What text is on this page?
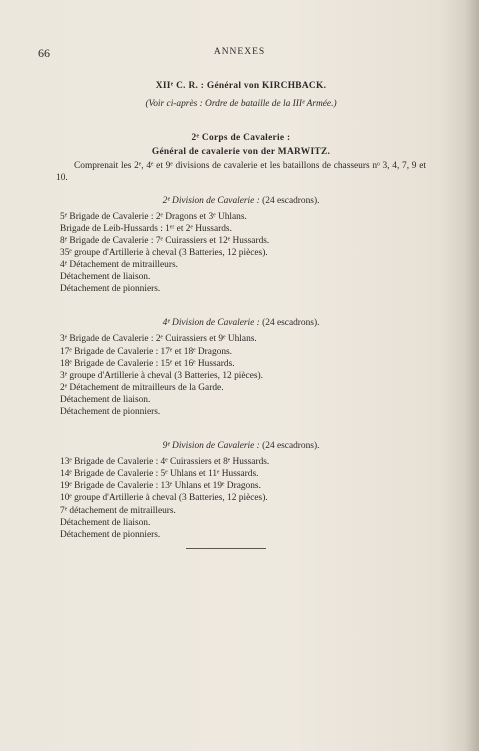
66	ANNEXES
XIIᵉ C. R. : Général von KIRCHBACK.
(Voir ci-après : Ordre de bataille de la IIIᵉ Armée.)
2ᵉ Corps de Cavalerie :
Général de cavalerie von der MARWITZ.
Comprenait les 2ᵉ, 4ᵉ et 9ᵉ divisions de cavalerie et les bataillons de chasseurs nᵒ 3, 4, 7, 9 et 10.
2ᵉ Division de Cavalerie : (24 escadrons).
5ᵉ Brigade de Cavalerie : 2ᵉ Dragons et 3ᵉ Uhlans.
Brigade de Leib-Hussards : 1ᵉʳ et 2ᵉ Hussards.
8ᵉ Brigade de Cavalerie : 7ᵉ Cuirassiers et 12ᵉ Hussards.
35ᵉ groupe d'Artillerie à cheval (3 Batteries, 12 pièces).
4ᵉ Détachement de mitrailleurs.
Détachement de liaison.
Détachement de pionniers.
4ᵉ Division de Cavalerie : (24 escadrons).
3ᵉ Brigade de Cavalerie : 2ᵉ Cuirassiers et 9ᵉ Uhlans.
17ᵉ Brigade de Cavalerie : 17ᵉ et 18ᵉ Dragons.
18ᵉ Brigade de Cavalerie : 15ᵉ et 16ᵉ Hussards.
3ᵉ groupe d'Artillerie à cheval (3 Batteries, 12 pièces).
2ᵉ Détachement de mitrailleurs de la Garde.
Détachement de liaison.
Détachement de pionniers.
9ᵉ Division de Cavalerie : (24 escadrons).
13ᵉ Brigade de Cavalerie : 4ᵉ Cuirassiers et 8ᵉ Hussards.
14ᵉ Brigade de Cavalerie : 5ᵉ Uhlans et 11ᵉ Hussards.
19ᵉ Brigade de Cavalerie : 13ᵉ Uhlans et 19ᵉ Dragons.
10ᵉ groupe d'Artillerie à cheval (3 Batteries, 12 pièces).
7ᵉ détachement de mitrailleurs.
Détachement de liaison.
Détachement de pionniers.
